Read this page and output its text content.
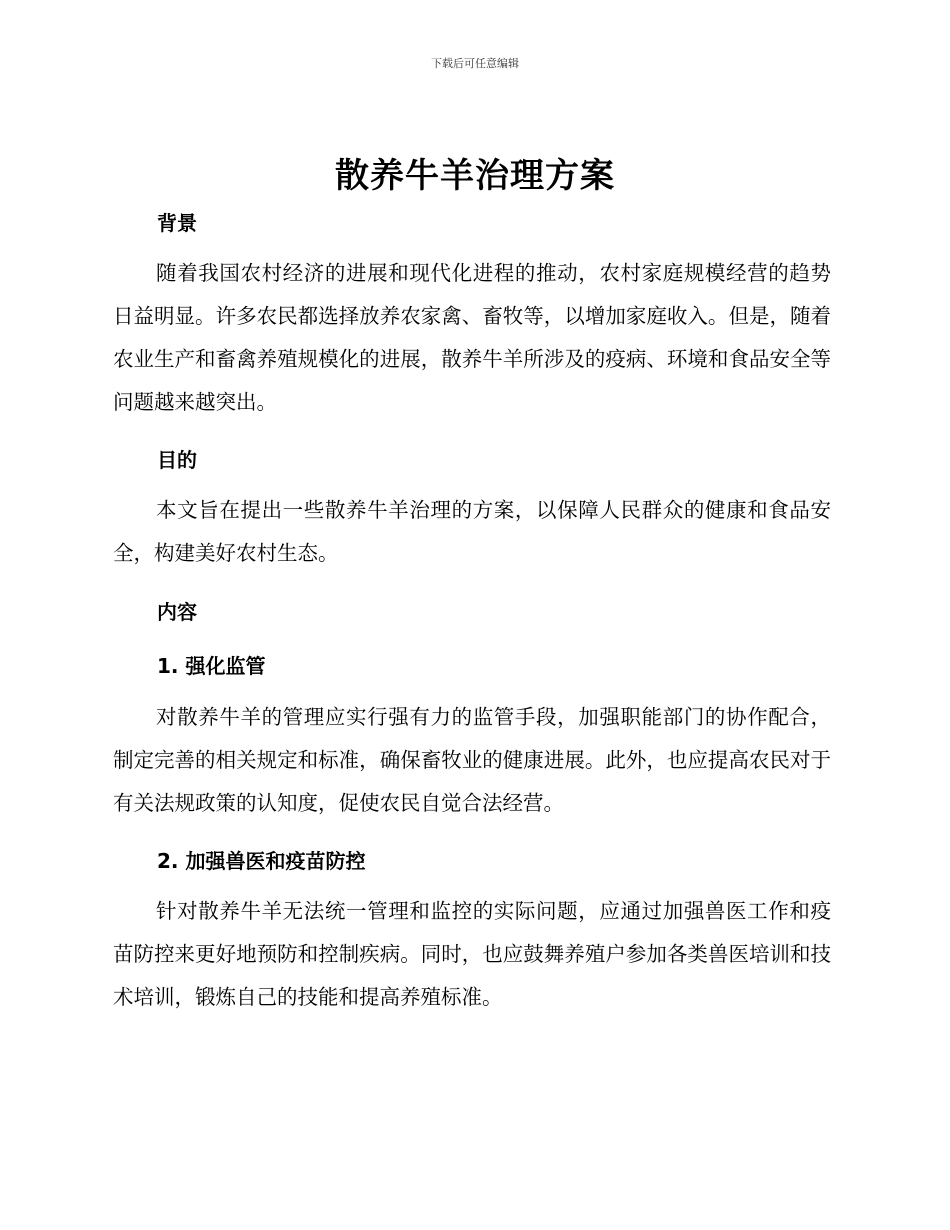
下载后可任意编辑
散养牛羊治理方案
背景

随着我国农村经济的进展和现代化进程的推动，农村家庭规模经营的趋势日益明显。许多农民都选择放养农家禽、畜牧等，以增加家庭收入。但是，随着农业生产和畜禽养殖规模化的进展，散养牛羊所涉及的疫病、环境和食品安全等问题越来越突出。

目的

本文旨在提出一些散养牛羊治理的方案，以保障人民群众的健康和食品安全，构建美好农村生态。

内容
1. 强化监管

对散养牛羊的管理应实行强有力的监管手段，加强职能部门的协作配合，制定完善的相关规定和标准，确保畜牧业的健康进展。此外，也应提高农民对于有关法规政策的认知度，促使农民自觉合法经营。

2. 加强兽医和疫苗防控

针对散养牛羊无法统一管理和监控的实际问题，应通过加强兽医工作和疫苗防控来更好地预防和控制疾病。同时，也应鼓舞养殖户参加各类兽医培训和技术培训，锻炼自己的技能和提高养殖标准。
